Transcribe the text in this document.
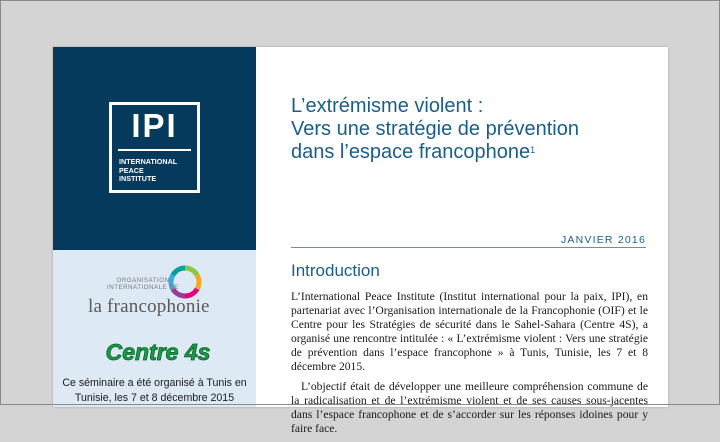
IPI
INTERNATIONAL
PEACE
INSTITUTE
ORGANISATION
INTERNATIONALE DE
la francophonie
Centre 4s
Ce séminaire a été organisé à Tunis en Tunisie, les 7 et 8 décembre 2015
L’extrémisme violent :
Vers une stratégie de prévention
dans l’espace francophone$^1$
JANVIER 2016
Introduction

L’International Peace Institute (Institut international pour la paix, IPI), en partenariat avec l’Organisation internationale de la Francophonie (OIF) et le Centre pour les Stratégies de sécurité dans le Sahel-Sahara (Centre 4S), a organisé une rencontre intitulée : « L’extrémisme violent : Vers une stratégie de prévention dans l’espace francophone » à Tunis, Tunisie, les 7 et 8 décembre 2015.

L’objectif était de développer une meilleure compréhension commune de la radicalisation et de l’extrémisme violent et de ses causes sous-jacentes dans l’espace francophone et de s’accorder sur les réponses idoines pour y faire face.
